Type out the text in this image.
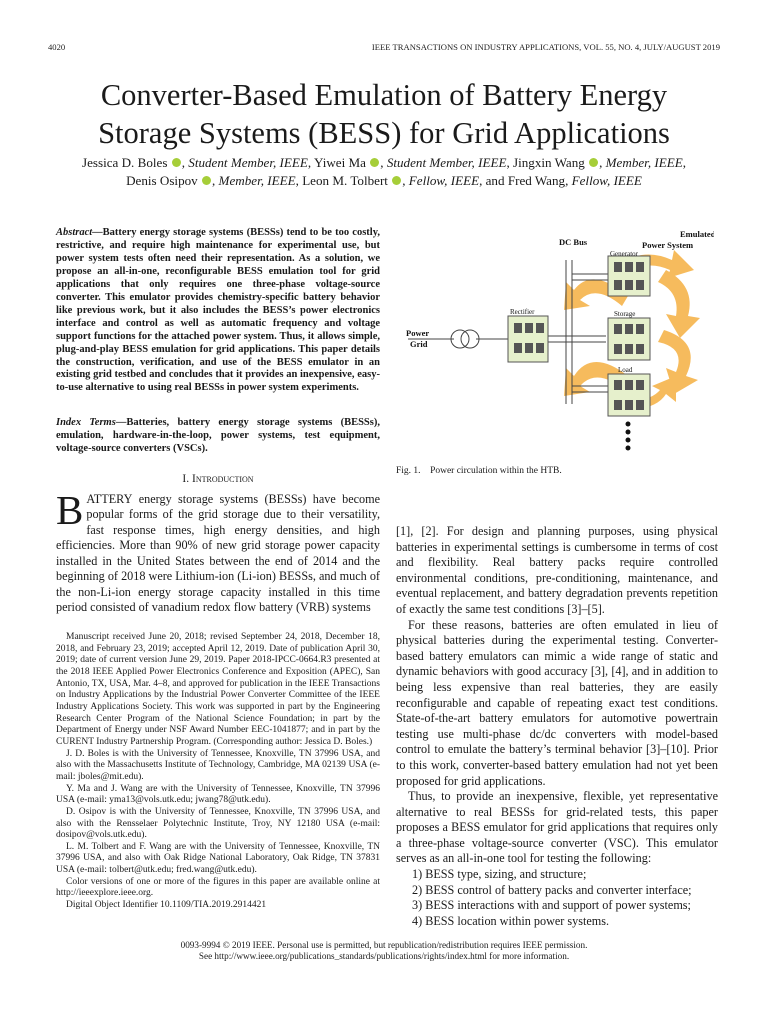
4020	IEEE TRANSACTIONS ON INDUSTRY APPLICATIONS, VOL. 55, NO. 4, JULY/AUGUST 2019
Converter-Based Emulation of Battery Energy
Storage Systems (BESS) for Grid Applications
Jessica D. Boles , Student Member, IEEE, Yiwei Ma , Student Member, IEEE, Jingxin Wang , Member, IEEE,
Denis Osipov , Member, IEEE, Leon M. Tolbert , Fellow, IEEE, and Fred Wang, Fellow, IEEE
Abstract—Battery energy storage systems (BESSs) tend to be too costly, restrictive, and require high maintenance for experimental use, but power system tests often need their representation. As a solution, we propose an all-in-one, reconfigurable BESS emulation tool for grid applications that only requires one three-phase voltage-source converter. This emulator provides chemistry-specific battery behavior like previous work, but it also includes the BESS’s power electronics interface and control as well as automatic frequency and voltage support functions for the attached power system. Thus, it allows simple, plug-and-play BESS emulation for grid applications. This paper details the construction, verification, and use of the BESS emulator in an existing grid testbed and concludes that it provides an inexpensive, easy-to-use alternative to using real BESSs in power system experiments.
Index Terms—Batteries, battery energy storage systems (BESSs), emulation, hardware-in-the-loop, power systems, test equipment, voltage-source converters (VSCs).
I. Introduction
BATTERY energy storage systems (BESSs) have become popular forms of the grid storage due to their versatility, fast response times, high energy densities, and high efficiencies. More than 90% of new grid storage power capacity installed in the United States between the end of 2014 and the beginning of 2018 were Lithium-ion (Li-ion) BESSs, and much of the non-Li-ion energy storage capacity installed in this time period consisted of vanadium redox flow battery (VRB) systems

Manuscript received June 20, 2018; revised September 24, 2018, December 18, 2018, and February 23, 2019; accepted April 12, 2019. Date of publication April 30, 2019; date of current version June 29, 2019. Paper 2018-IPCC-0664.R3 presented at the 2018 IEEE Applied Power Electronics Conference and Exposition (APEC), San Antonio, TX, USA, Mar. 4–8, and approved for publication in the IEEE Transactions on Industry Applications by the Industrial Power Converter Committee of the IEEE Industry Applications Society. This work was supported in part by the Engineering Research Center Program of the National Science Foundation; in part by the Department of Energy under NSF Award Number EEC-1041877; and in part by the CURENT Industry Partnership Program. (Corresponding author: Jessica D. Boles.)

J. D. Boles is with the University of Tennessee, Knoxville, TN 37996 USA, and also with the Massachusetts Institute of Technology, Cambridge, MA 02139 USA (e-mail: jboles@mit.edu).

Y. Ma and J. Wang are with the University of Tennessee, Knoxville, TN 37996 USA (e-mail: yma13@vols.utk.edu; jwang78@utk.edu).

D. Osipov is with the University of Tennessee, Knoxville, TN 37996 USA, and also with the Rensselaer Polytechnic Institute, Troy, NY 12180 USA (e-mail: dosipov@vols.utk.edu).

L. M. Tolbert and F. Wang are with the University of Tennessee, Knoxville, TN 37996 USA, and also with Oak Ridge National Laboratory, Oak Ridge, TN 37831 USA (e-mail: tolbert@utk.edu; fred.wang@utk.edu).

Color versions of one or more of the figures in this paper are available online at http://ieeexplore.ieee.org.

Digital Object Identifier 10.1109/TIA.2019.2914421

DC Bus
Emulated
Power System
Generator
Rectifier	Storage
Load
Power
Grid
Fig. 1. Power circulation within the HTB.

[1], [2]. For design and planning purposes, using physical batteries in experimental settings is cumbersome in terms of cost and flexibility. Real battery packs require controlled environmental conditions, pre-conditioning, maintenance, and eventual replacement, and battery degradation prevents repetition of exactly the same test conditions [3]–[5].

For these reasons, batteries are often emulated in lieu of physical batteries during the experimental testing. Converter-based battery emulators can mimic a wide range of static and dynamic behaviors with good accuracy [3], [4], and in addition to being less expensive than real batteries, they are easily reconfigurable and capable of repeating exact test conditions. State-of-the-art battery emulators for automotive powertrain testing use multi-phase dc/dc converters with model-based control to emulate the battery’s terminal behavior [3]–[10]. Prior to this work, converter-based battery emulation had not yet been proposed for grid applications.

Thus, to provide an inexpensive, flexible, yet representative alternative to real BESSs for grid-related tests, this paper proposes a BESS emulator for grid applications that requires only a three-phase voltage-source converter (VSC). This emulator serves as an all-in-one tool for testing the following:

1) BESS type, sizing, and structure;
2) BESS control of battery packs and converter interface;
3) BESS interactions with and support of power systems;
4) BESS location within power systems.
0093-9994 © 2019 IEEE. Personal use is permitted, but republication/redistribution requires IEEE permission.
See http://www.ieee.org/publications_standards/publications/rights/index.html for more information.
